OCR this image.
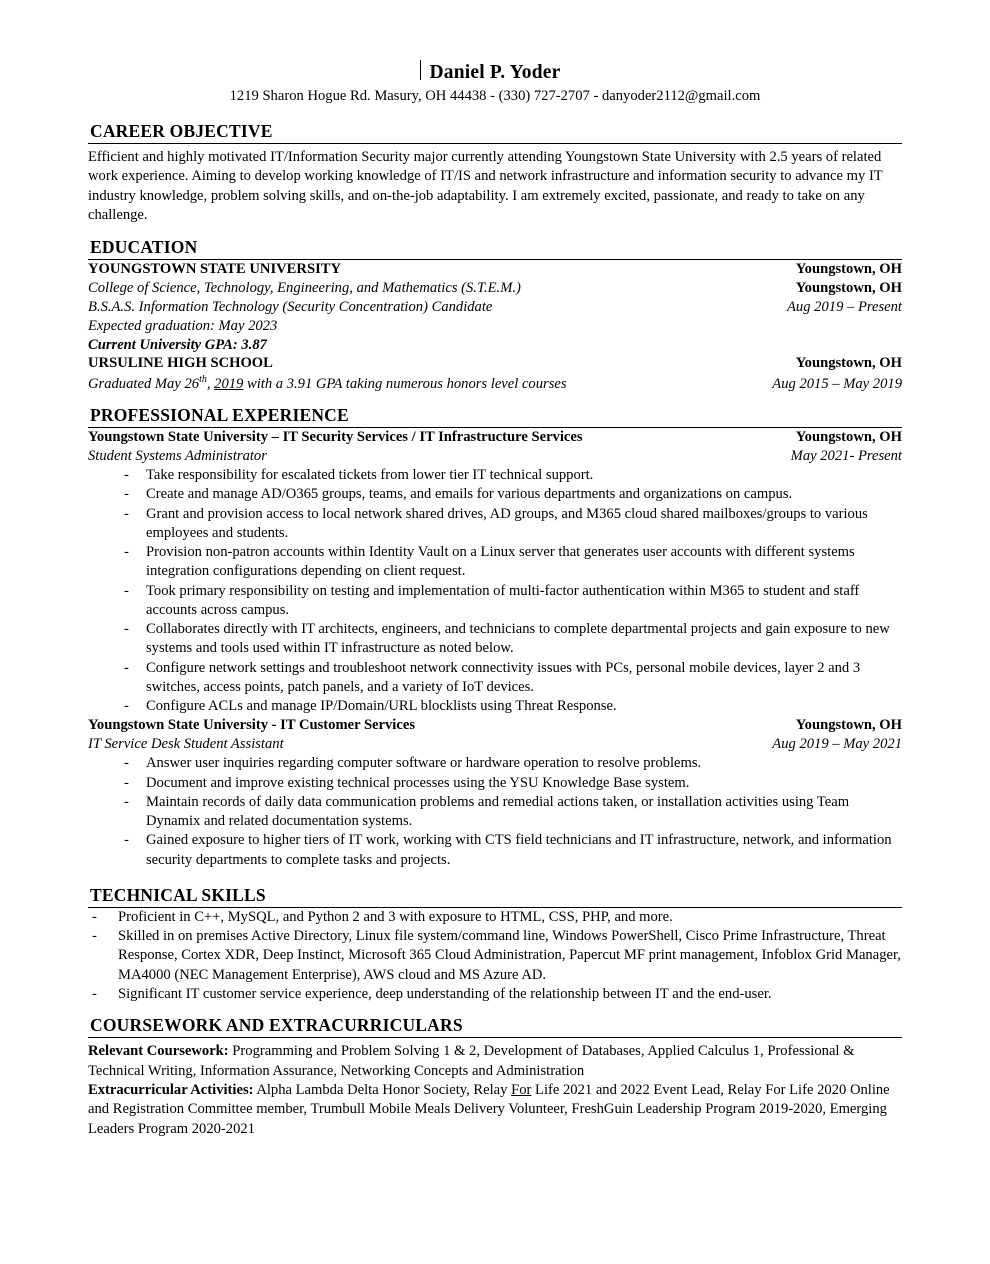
Daniel P. Yoder
1219 Sharon Hogue Rd. Masury, OH 44438 - (330) 727-2707 - danyoder2112@gmail.com
CAREER OBJECTIVE

Efficient and highly motivated IT/Information Security major currently attending Youngstown State University with 2.5 years of related work experience. Aiming to develop working knowledge of IT/IS and network infrastructure and information security to advance my IT industry knowledge, problem solving skills, and on-the-job adaptability. I am extremely excited, passionate, and ready to take on any challenge.

EDUCATION
YOUNGSTOWN STATE UNIVERSITY	Youngstown, OH
College of Science, Technology, Engineering, and Mathematics (S.T.E.M.)	Youngstown, OH
B.S.A.S. Information Technology (Security Concentration) Candidate	Aug 2019 – Present
Expected graduation: May 2023
Current University GPA: 3.87
URSULINE HIGH SCHOOL	Youngstown, OH
Graduated May 26th, 2019 with a 3.91 GPA taking numerous honors level courses	Aug 2015 – May 2019
PROFESSIONAL EXPERIENCE
Youngstown State University – IT Security Services / IT Infrastructure Services	Youngstown, OH
Student Systems Administrator	May 2021- Present
- Take responsibility for escalated tickets from lower tier IT technical support.
- Create and manage AD/O365 groups, teams, and emails for various departments and organizations on campus.
- Grant and provision access to local network shared drives, AD groups, and M365 cloud shared mailboxes/groups to various employees and students.
- Provision non-patron accounts within Identity Vault on a Linux server that generates user accounts with different systems integration configurations depending on client request.
- Took primary responsibility on testing and implementation of multi-factor authentication within M365 to student and staff accounts across campus.
- Collaborates directly with IT architects, engineers, and technicians to complete departmental projects and gain exposure to new systems and tools used within IT infrastructure as noted below.
- Configure network settings and troubleshoot network connectivity issues with PCs, personal mobile devices, layer 2 and 3 switches, access points, patch panels, and a variety of IoT devices.
- Configure ACLs and manage IP/Domain/URL blocklists using Threat Response.
Youngstown State University - IT Customer Services	Youngstown, OH
IT Service Desk Student Assistant	Aug 2019 – May 2021
- Answer user inquiries regarding computer software or hardware operation to resolve problems.
- Document and improve existing technical processes using the YSU Knowledge Base system.
- Maintain records of daily data communication problems and remedial actions taken, or installation activities using Team Dynamix and related documentation systems.
- Gained exposure to higher tiers of IT work, working with CTS field technicians and IT infrastructure, network, and information security departments to complete tasks and projects.
TECHNICAL SKILLS
- Proficient in C++, MySQL, and Python 2 and 3 with exposure to HTML, CSS, PHP, and more.
- Skilled in on premises Active Directory, Linux file system/command line, Windows PowerShell, Cisco Prime Infrastructure, Threat Response, Cortex XDR, Deep Instinct, Microsoft 365 Cloud Administration, Papercut MF print management, Infoblox Grid Manager, MA4000 (NEC Management Enterprise), AWS cloud and MS Azure AD.
- Significant IT customer service experience, deep understanding of the relationship between IT and the end-user.
COURSEWORK AND EXTRACURRICULARS

Relevant Coursework: Programming and Problem Solving 1 & 2, Development of Databases, Applied Calculus 1, Professional & Technical Writing, Information Assurance, Networking Concepts and Administration

Extracurricular Activities: Alpha Lambda Delta Honor Society, Relay For Life 2021 and 2022 Event Lead, Relay For Life 2020 Online and Registration Committee member, Trumbull Mobile Meals Delivery Volunteer, FreshGuin Leadership Program 2019-2020, Emerging Leaders Program 2020-2021
